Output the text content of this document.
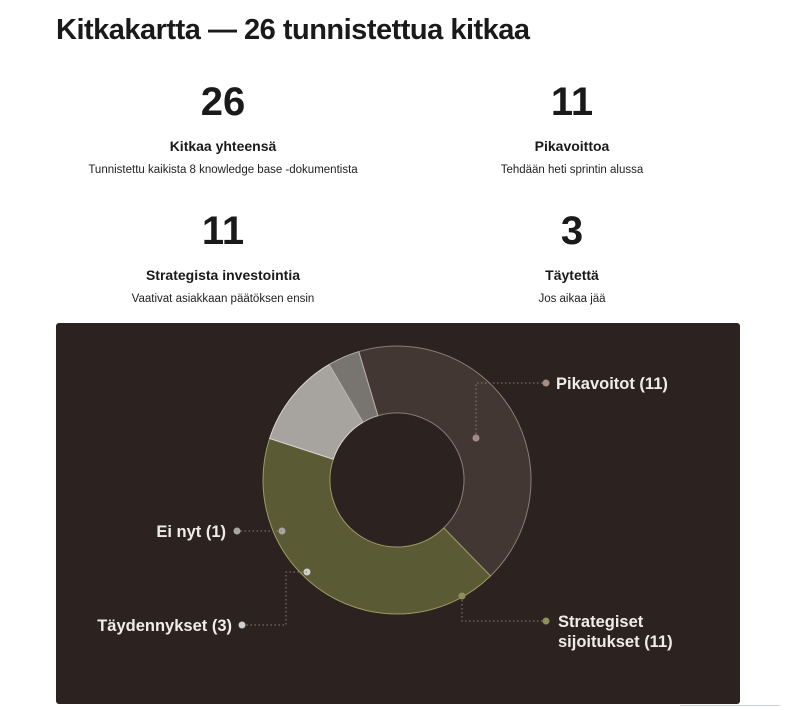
Kitkakartta — 26 tunnistettua kitkaa
26
Kitkaa yhteensä
Tunnistettu kaikista 8 knowledge base -dokumentista
11
Pikavoittoa
Tehdään heti sprintin alussa
11
Strategista investointia
Vaativat asiakkaan päätöksen ensin
3
Täytettä
Jos aikaa jää
Pikavoitot (11)
Strategiset
sijoitukset (11)
Täydennykset (3)
Ei nyt (1)
